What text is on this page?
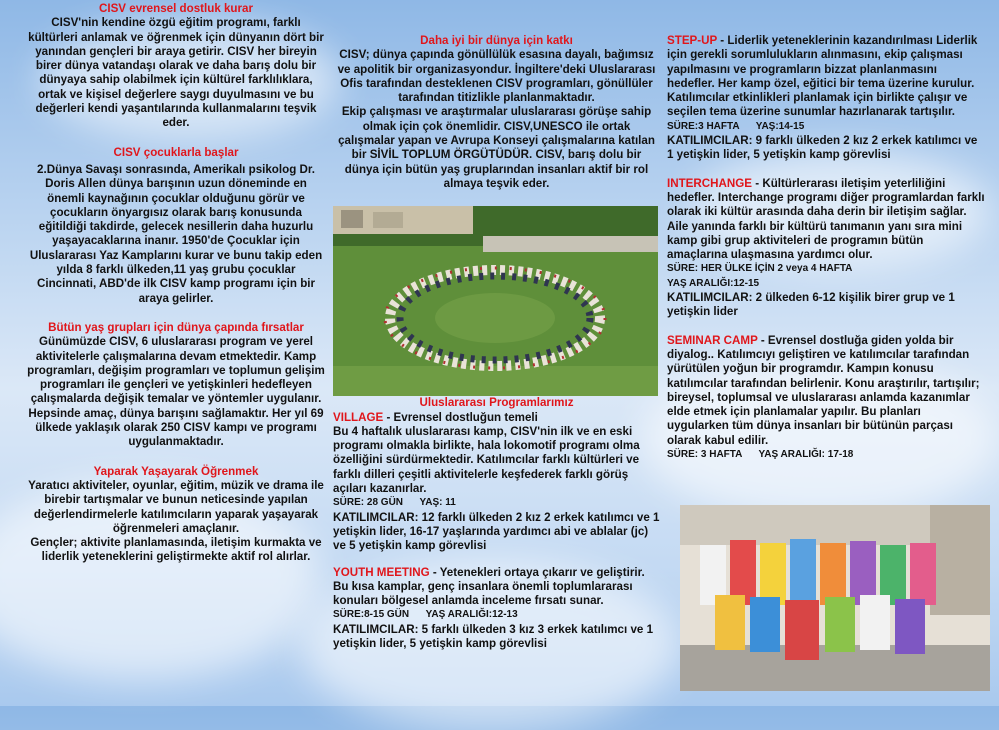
CISV evrensel dostluk kurar

CISV'nin kendine özgü eğitim programı, farklı kültürleri anlamak ve öğrenmek için dünyanın dört bir yanından gençleri bir araya getirir. CISV her bireyin birer dünya vatandaşı olarak ve daha barış dolu bir dünyaya sahip olabilmek için kültürel farklılıklara, ortak ve kişisel değerlere saygı duyulmasını ve bu değerleri kendi yaşantılarında kullanmalarını teşvik eder.

CISV çocuklarla başlar

2.Dünya Savaşı sonrasında, Amerikalı psikolog Dr. Doris Allen dünya barışının uzun döneminde en önemli kaynağının çocuklar olduğunu görür ve çocukların önyargısız olarak barış konusunda eğitildiği takdirde, gelecek nesillerin daha huzurlu yaşayacaklarına inanır. 1950'de Çocuklar için Uluslararası Yaz Kamplarını kurar ve bunu takip eden yılda 8 farklı ülkeden,11 yaş grubu çocuklar Cincinnati, ABD'de ilk CISV kamp programı için bir araya gelirler.

Bütün yaş grupları için dünya çapında fırsatlar

Günümüzde CISV, 6 uluslararası program ve yerel aktivitelerle çalışmalarına devam etmektedir. Kamp programları, değişim programları ve toplumun gelişim programları ile gençleri ve yetişkinleri hedefleyen çalışmalarda değişik temalar ve yöntemler uygulanır. Hepsinde amaç, dünya barışını sağlamaktır. Her yıl 69 ülkede yaklaşık olarak 250 CISV kampı ve programı uygulanmaktadır.

Yaparak Yaşayarak Öğrenmek

Yaratıcı aktiviteler, oyunlar, eğitim, müzik ve drama ile birebir tartışmalar ve bunun neticesinde yapılan değerlendirmelerle katılımcıların yaparak yaşayarak öğrenmeleri amaçlanır.

Gençler; aktivite planlamasında, iletişim kurmakta ve liderlik yeteneklerini geliştirmekte aktif rol alırlar.

Daha iyi bir dünya için katkı

CISV; dünya çapında gönüllülük esasına dayalı, bağımsız ve apolitik bir organizasyondur. İngiltere'deki Uluslararası Ofis tarafından desteklenen CISV programları, gönüllüler tarafından titizlikle planlanmaktadır.

Ekip çalışması ve araştırmalar uluslararası görüşe sahip olmak için çok önemlidir. CISV,UNESCO ile ortak çalışmalar yapan ve Avrupa Konseyi çalışmalarına katılan bir SİVİL TOPLUM ÖRGÜTÜDÜR. CISV, barış dolu bir dünya için bütün yaş gruplarından insanları aktif bir rol almaya teşvik eder.

Uluslararası Programlarımız

VILLAGE - Evrensel dostluğun temeli

Bu 4 haftalık uluslararası kamp, CISV'nin ilk ve en eski programı olmakla birlikte, hala lokomotif programı olma özelliğini sürdürmektedir. Katılımcılar farklı kültürleri ve farklı dilleri çeşitli aktivitelerle keşfederek farklı görüş açıları kazanırlar.

SÜRE: 28 GÜN      YAŞ: 11

KATILIMCILAR: 12 farklı ülkeden 2 kız 2 erkek katılımcı ve 1 yetişkin lider, 16-17 yaşlarında yardımcı abi ve ablalar (jc) ve 5 yetişkin kamp görevlisi

YOUTH MEETING - Yetenekleri ortaya çıkarır ve geliştirir.

Bu kısa kamplar, genç insanlara önemli toplumlararası konuları bölgesel anlamda inceleme fırsatı sunar.

SÜRE:8-15 GÜN      YAŞ ARALIĞI:12-13

KATILIMCILAR: 5 farklı ülkeden 3 kız 3 erkek katılımcı ve 1 yetişkin lider, 5 yetişkin kamp görevlisi

STEP-UP - Liderlik yeteneklerinin kazandırılması Liderlik için gerekli sorumlulukların alınmasını, ekip çalışması yapılmasını ve programların bizzat planlanmasını hedefler. Her kamp özel, eğitici bir tema üzerine kurulur. Katılımcılar etkinlikleri planlamak için birlikte çalışır ve seçilen tema üzerine sunumlar hazırlanarak tartışılır.

SÜRE:3 HAFTA      YAŞ:14-15

KATILIMCILAR: 9 farklı ülkeden 2 kız 2 erkek katılımcı ve 1 yetişkin lider, 5 yetişkin kamp görevlisi

INTERCHANGE - Kültürlerarası iletişim yeterliliğini hedefler. Interchange programı diğer programlardan farklı olarak iki kültür arasında daha derin bir iletişim sağlar. Aile yanında farklı bir kültürü tanımanın yanı sıra mini kamp gibi grup aktiviteleri de programın bütün amaçlarına ulaşmasına yardımcı olur.

SÜRE: HER ÜLKE İÇİN 2 veya 4 HAFTA

YAŞ ARALIĞI:12-15

KATILIMCILAR: 2 ülkeden 6-12 kişilik birer grup ve 1 yetişkin lider

SEMINAR CAMP - Evrensel dostluğa giden yolda bir diyalog.. Katılımcıyı geliştiren ve katılımcılar tarafından yürütülen yoğun bir programdır. Kampın konusu katılımcılar tarafından belirlenir. Konu araştırılır, tartışılır; bireysel, toplumsal ve uluslararası anlamda kazanımlar elde etmek için planlamalar yapılır. Bu planları uygularken tüm dünya insanları bir bütünün parçası olarak kabul edilir.

SÜRE: 3 HAFTA      YAŞ ARALIĞI: 17-18
